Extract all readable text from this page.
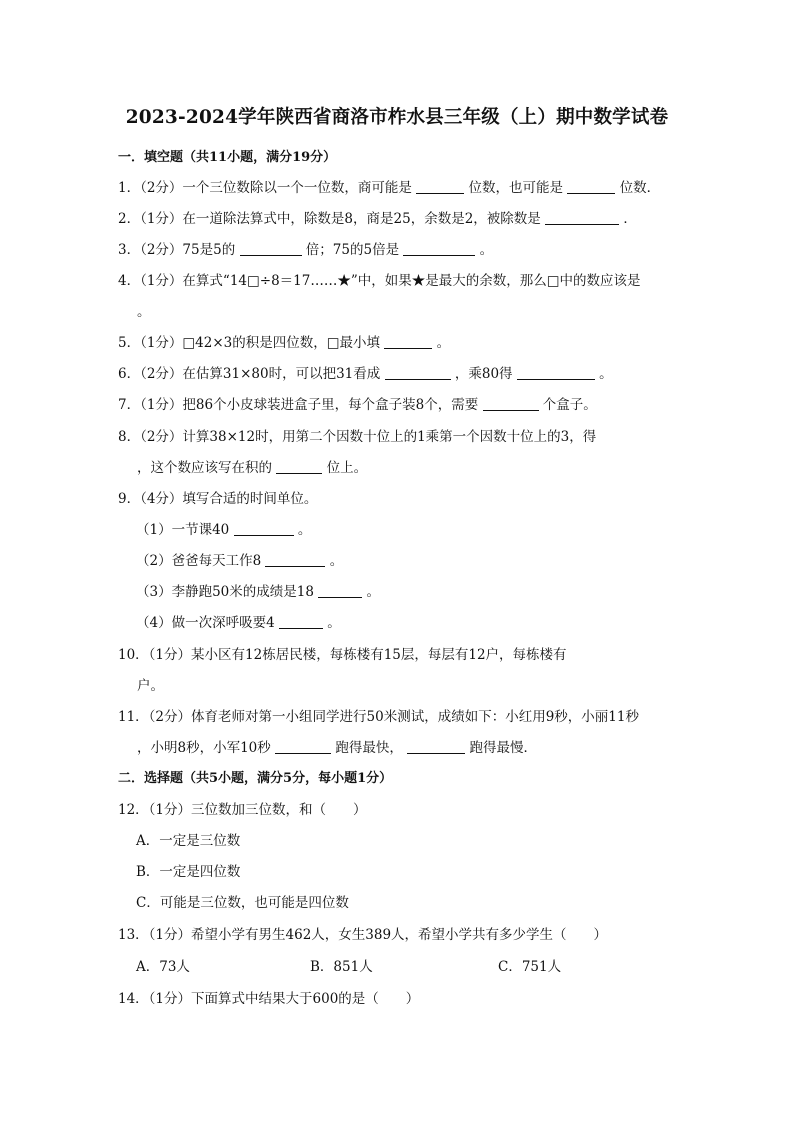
2023-2024学年陕西省商洛市柞水县三年级（上）期中数学试卷
一．填空题（共11小题，满分19分）
1．（2分）一个三位数除以一个一位数，商可能是	位数，也可能是	位数．
2．（1分）在一道除法算式中，除数是8，商是25，余数是2，被除数是	．
3．（2分）75是5的	倍；75的5倍是	。
4．（1分）在算式“14□÷8＝17……★”中，如果★是最大的余数，那么□中的数应该是
。
5．（1分）□42×3的积是四位数，□最小填	。
6．（2分）在估算31×80时，可以把31看成	，乘80得	。
7．（1分）把86个小皮球装进盒子里，每个盒子装8个，需要	个盒子。
8．（2分）计算38×12时，用第二个因数十位上的1乘第一个因数十位上的3，得
，这个数应该写在积的	位上。
9．（4分）填写合适的时间单位。
（1）一节课40	。
（2）爸爸每天工作8	。
（3）李静跑50米的成绩是18	。
（4）做一次深呼吸要4	。
10．（1分）某小区有12栋居民楼，每栋楼有15层，每层有12户，每栋楼有
户。
11．（2分）体育老师对第一小组同学进行50米测试，成绩如下：小红用9秒，小丽11秒
，小明8秒，小军10秒	跑得最快，	跑得最慢．
二．选择题（共5小题，满分5分，每小题1分）
12．（1分）三位数加三位数，和（　　）
A．一定是三位数
B．一定是四位数
C．可能是三位数，也可能是四位数
13．（1分）希望小学有男生462人，女生389人，希望小学共有多少学生（　　）
A．73人	B．851人	C．751人
14．（1分）下面算式中结果大于600的是（　　）
